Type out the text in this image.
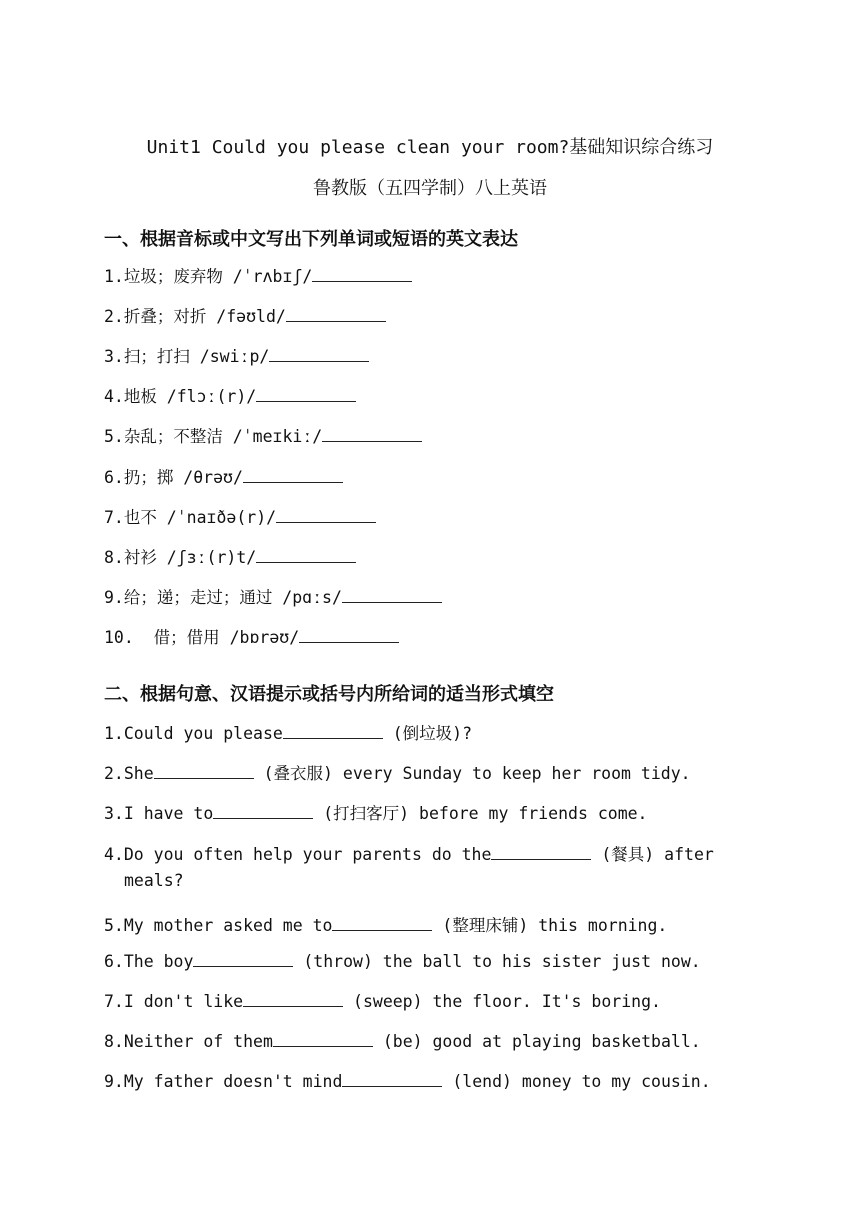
Unit1 Could you please clean your room?基础知识综合练习
鲁教版（五四学制）八上英语
一、根据音标或中文写出下列单词或短语的英文表达
1.垃圾；废弃物 /ˈrʌbɪʃ/
2.折叠；对折 /fəʊld/
3.扫；打扫 /swiːp/
4.地板 /flɔː(r)/
5.杂乱；不整洁 /ˈmeɪkiː/
6.扔；掷 /θrəʊ/
7.也不 /ˈnaɪðə(r)/
8.衬衫 /ʃɜː(r)t/
9.给；递；走过；通过 /pɑːs/
10.  借；借用 /bɒrəʊ/
二、根据句意、汉语提示或括号内所给词的适当形式填空
1.Could you please	(倒垃圾)?
2.She	(叠衣服) every Sunday to keep her room tidy.
3.I have to	(打扫客厅) before my friends come.
4.Do you often help your parents do the	(餐具) after
meals?
5.My mother asked me to	(整理床铺) this morning.
6.The boy	(throw) the ball to his sister just now.
7.I don't like	(sweep) the floor. It's boring.
8.Neither of them	(be) good at playing basketball.
9.My father doesn't mind	(lend) money to my cousin.
